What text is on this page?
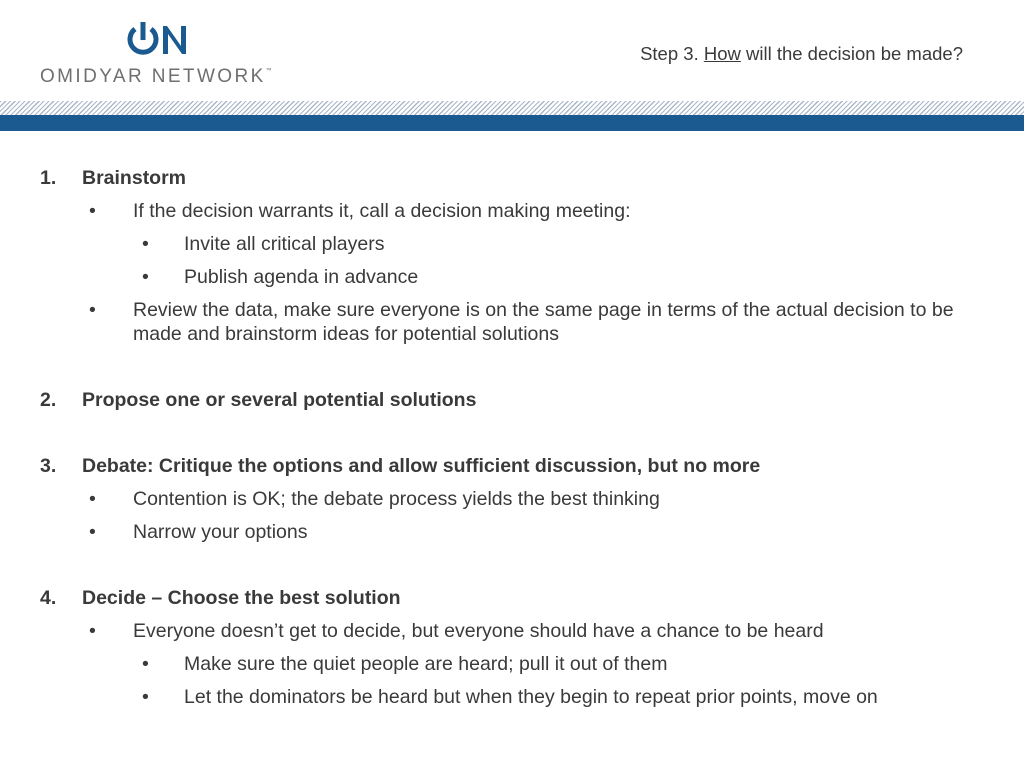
OMIDYAR NETWORK™
Step 3. How will the decision be made?
1. Brainstorm
• If the decision warrants it, call a decision making meeting:
• Invite all critical players
• Publish agenda in advance
• Review the data, make sure everyone is on the same page in terms of the actual decision to be made and brainstorm ideas for potential solutions
2. Propose one or several potential solutions
3. Debate: Critique the options and allow sufficient discussion, but no more
• Contention is OK; the debate process yields the best thinking
• Narrow your options
4. Decide – Choose the best solution
• Everyone doesn’t get to decide, but everyone should have a chance to be heard
• Make sure the quiet people are heard; pull it out of them
• Let the dominators be heard but when they begin to repeat prior points, move on
